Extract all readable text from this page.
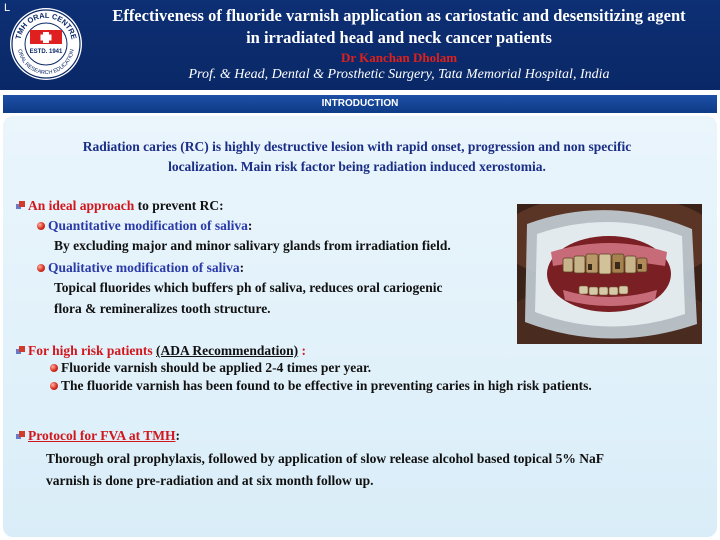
L
TMH ORAL CENTRE
ORAL RESEARCH EDUCATION
ESTD. 1941
Effectiveness of fluoride varnish application as cariostatic and desensitizing agent
in irradiated head and neck cancer patients
Dr Kanchan Dholam
Prof. & Head, Dental & Prosthetic Surgery, Tata Memorial Hospital, India
INTRODUCTION
Radiation caries (RC) is highly destructive lesion with rapid onset, progression and non specific
localization. Main risk factor being radiation induced xerostomia.
An ideal approach to prevent RC:
Quantitative modification of saliva:
By excluding major and minor salivary glands from irradiation field.
Qualitative modification of saliva:
Topical fluorides which buffers ph of saliva, reduces oral cariogenic
flora & remineralizes tooth structure.
For high risk patients (ADA Recommendation) :
Fluoride varnish should be applied 2-4 times per year.
The fluoride varnish has been found to be effective in preventing caries in high risk patients.
Protocol for FVA at TMH:
Thorough oral prophylaxis, followed by application of slow release alcohol based topical 5% NaF
varnish is done pre-radiation and at six month follow up.
